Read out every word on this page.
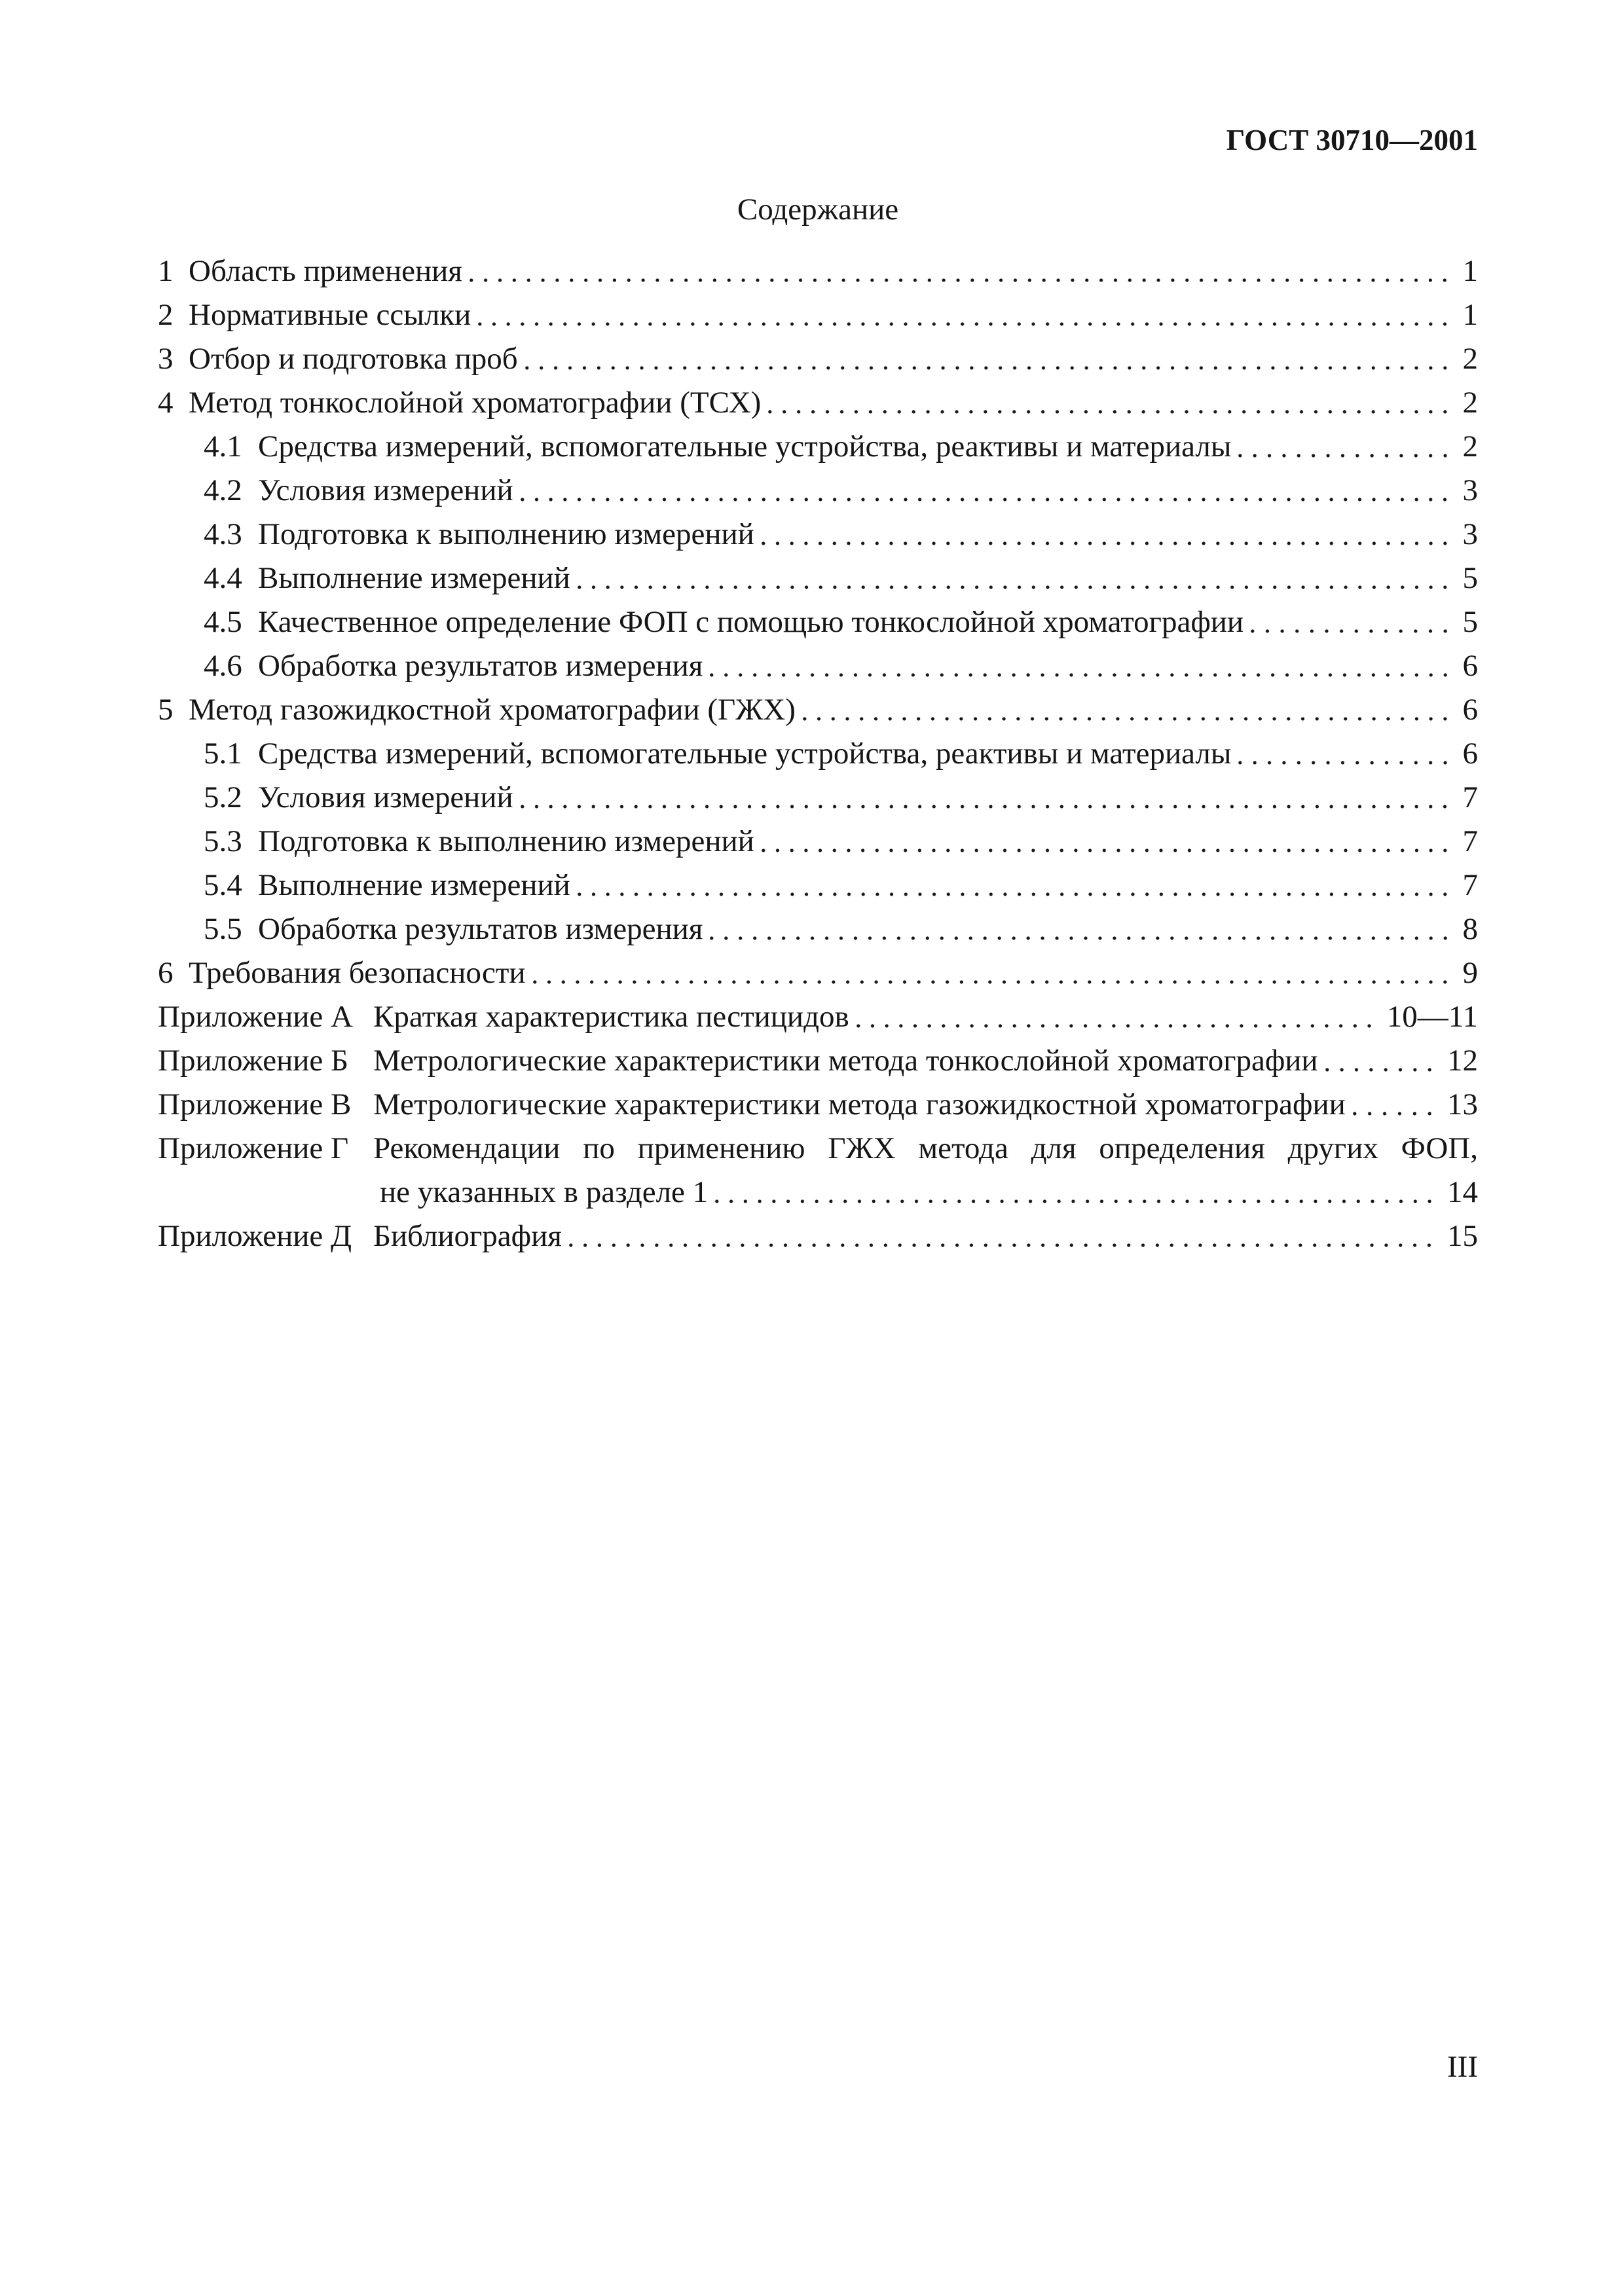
ГОСТ 30710—2001
Содержание
1 Область применения	1
2 Нормативные ссылки	1
3 Отбор и подготовка проб	2
4 Метод тонкослойной хроматографии (ТСХ)	2
4.1 Средства измерений, вспомогательные устройства, реактивы и материалы	2
4.2 Условия измерений	3
4.3 Подготовка к выполнению измерений	3
4.4 Выполнение измерений	5
4.5 Качественное определение ФОП с помощью тонкослойной хроматографии	5
4.6 Обработка результатов измерения	6
5 Метод газожидкостной хроматографии (ГЖХ)	6
5.1 Средства измерений, вспомогательные устройства, реактивы и материалы	6
5.2 Условия измерений	7
5.3 Подготовка к выполнению измерений	7
5.4 Выполнение измерений	7
5.5 Обработка результатов измерения	8
6 Требования безопасности	9
Приложение А Краткая характеристика пестицидов	10—11
Приложение Б Метрологические характеристики метода тонкослойной хроматографии	12
Приложение В Метрологические характеристики метода газожидкостной хроматографии	13
Приложение Г Рекомендации по применению ГЖХ метода для определения других ФОП,
не указанных в разделе 1	14
Приложение Д Библиография	15
III
